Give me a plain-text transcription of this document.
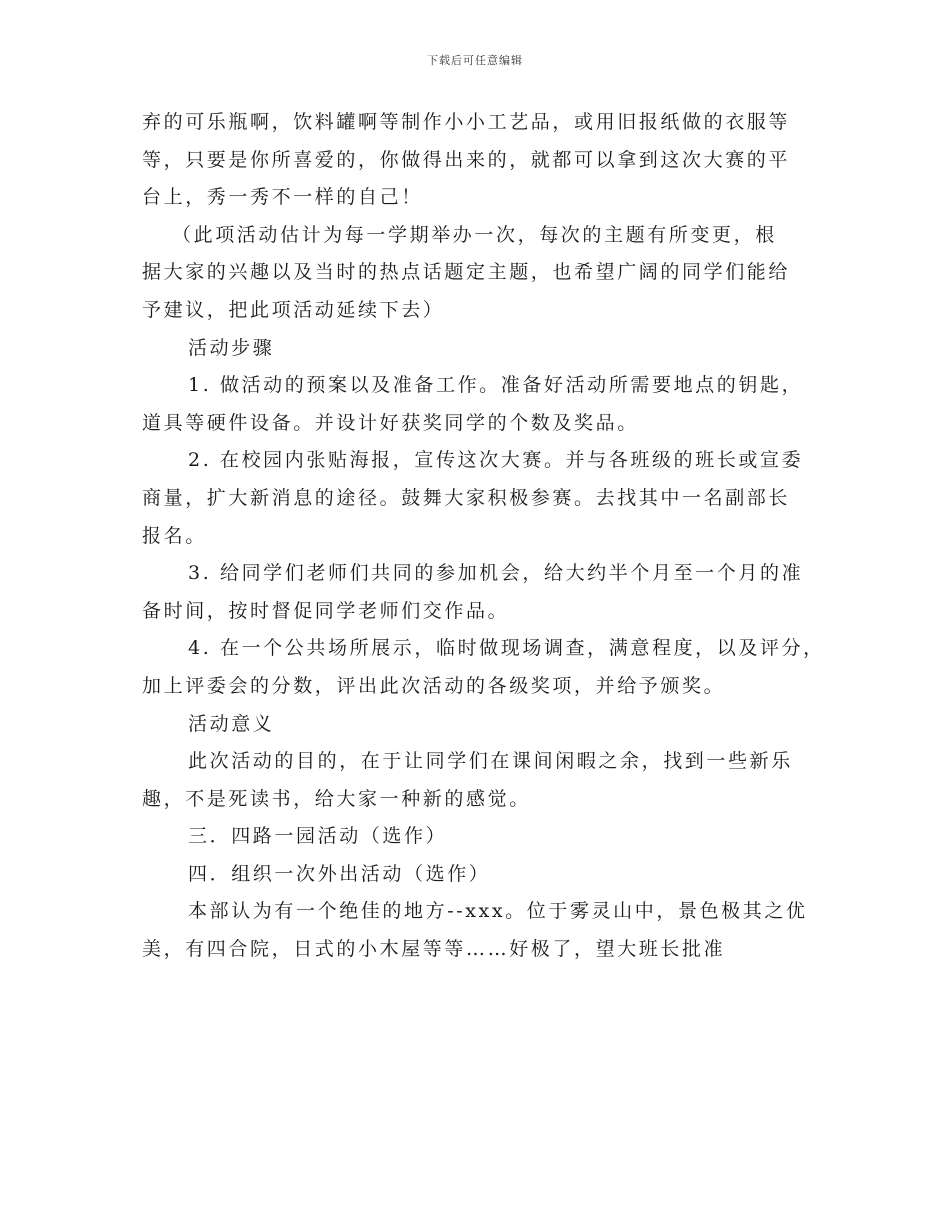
下载后可任意编辑
弃的可乐瓶啊，饮料罐啊等制作小小工艺品，或用旧报纸做的衣服等
等，只要是你所喜爱的，你做得出来的，就都可以拿到这次大赛的平
台上，秀一秀不一样的自己！
（此项活动估计为每一学期举办一次，每次的主题有所变更，根
据大家的兴趣以及当时的热点话题定主题，也希望广阔的同学们能给
予建议，把此项活动延续下去）
活动步骤
1. 做活动的预案以及准备工作。准备好活动所需要地点的钥匙，
道具等硬件设备。并设计好获奖同学的个数及奖品。
2. 在校园内张贴海报，宣传这次大赛。并与各班级的班长或宣委
商量，扩大新消息的途径。鼓舞大家积极参赛。去找其中一名副部长
报名。
3. 给同学们老师们共同的参加机会，给大约半个月至一个月的准
备时间，按时督促同学老师们交作品。
4. 在一个公共场所展示，临时做现场调查，满意程度，以及评分，
加上评委会的分数，评出此次活动的各级奖项，并给予颁奖。
活动意义
此次活动的目的，在于让同学们在课间闲暇之余，找到一些新乐
趣，不是死读书，给大家一种新的感觉。
三．四路一园活动（选作）
四．组织一次外出活动（选作）
本部认为有一个绝佳的地方--xxx。位于雾灵山中，景色极其之优
美，有四合院，日式的小木屋等等……好极了，望大班长批准
